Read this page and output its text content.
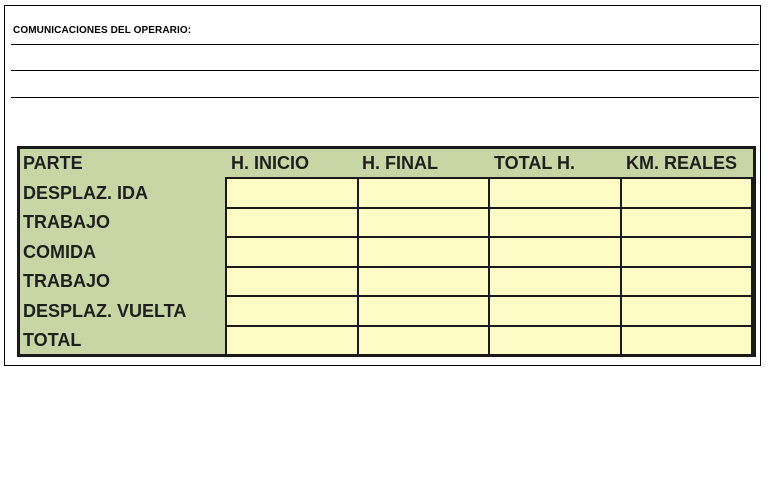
COMUNICACIONES DEL OPERARIO:
PARTE	H. INICIO	H. FINAL	TOTAL H.	KM. REALES
DESPLAZ. IDA
TRABAJO
COMIDA
TRABAJO
DESPLAZ. VUELTA
TOTAL
